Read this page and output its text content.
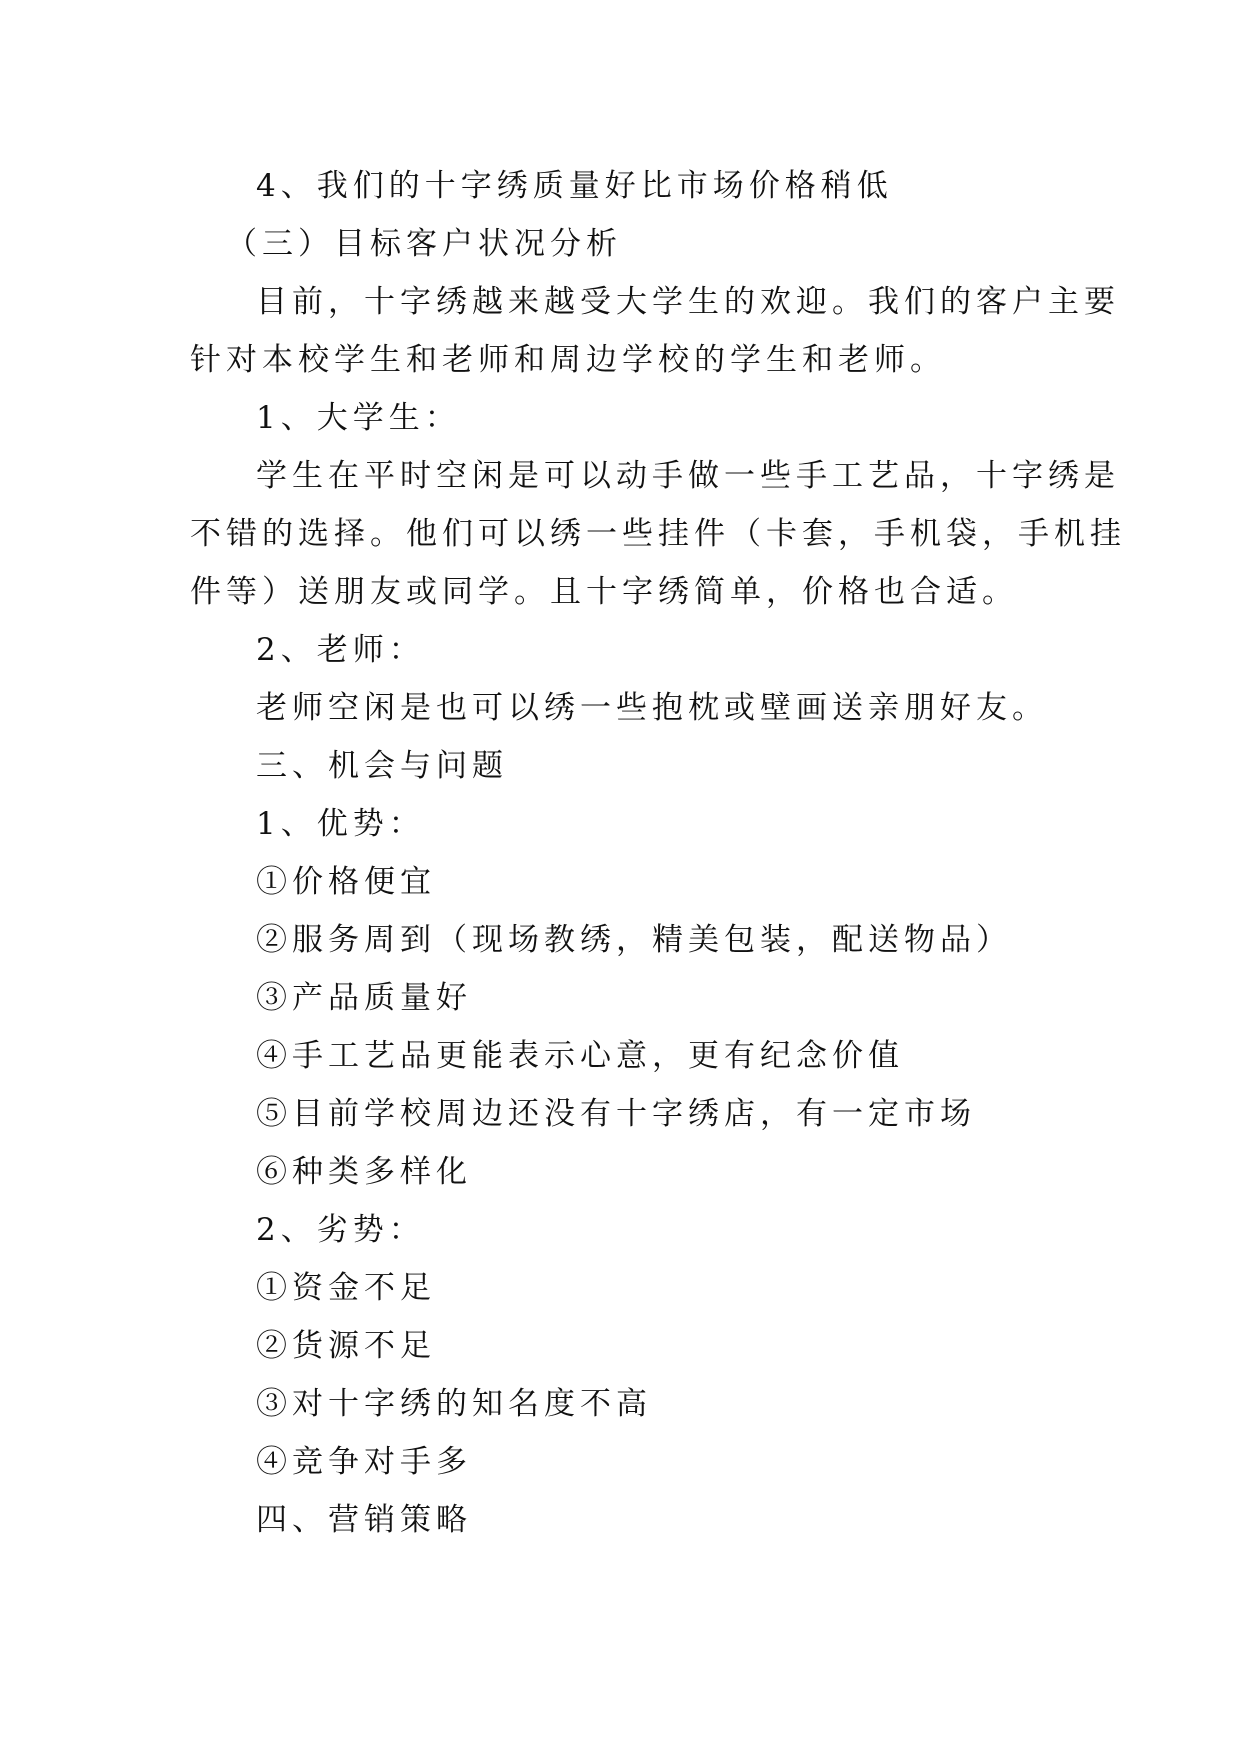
4、我们的十字绣质量好比市场价格稍低
（三）目标客户状况分析
目前，十字绣越来越受大学生的欢迎。我们的客户主要
针对本校学生和老师和周边学校的学生和老师。
1、大学生：
学生在平时空闲是可以动手做一些手工艺品，十字绣是
不错的选择。他们可以绣一些挂件（卡套，手机袋，手机挂
件等）送朋友或同学。且十字绣简单，价格也合适。
2、老师：
老师空闲是也可以绣一些抱枕或壁画送亲朋好友。
三、机会与问题
1、优势：
①价格便宜
②服务周到（现场教绣，精美包装，配送物品）
③产品质量好
④手工艺品更能表示心意，更有纪念价值
⑤目前学校周边还没有十字绣店，有一定市场
⑥种类多样化
2、劣势：
①资金不足
②货源不足
③对十字绣的知名度不高
④竞争对手多
四、营销策略
